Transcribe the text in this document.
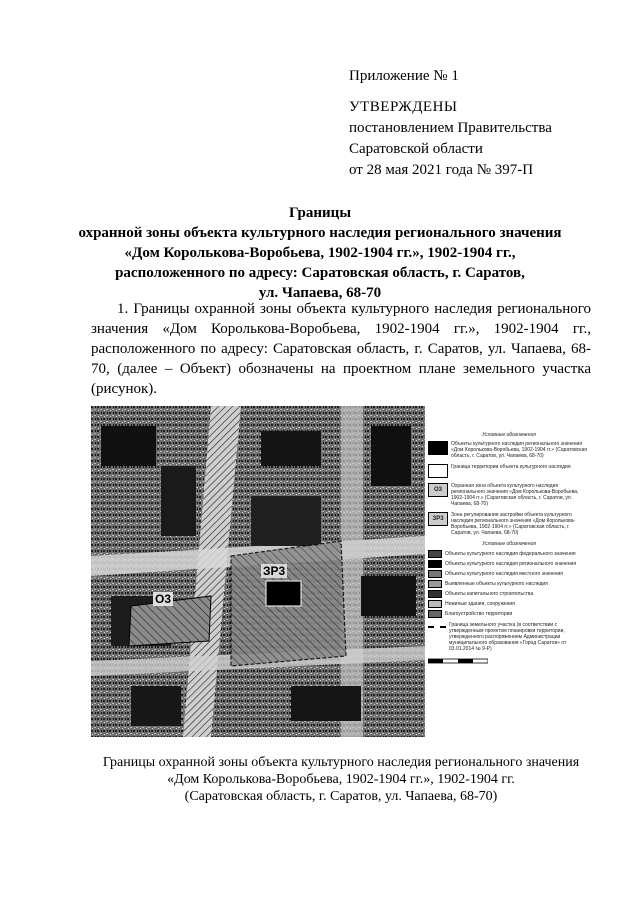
Приложение № 1
УТВЕРЖДЕНЫ
постановлением Правительства
Саратовской области
от 28 мая 2021 года № 397-П
Границы
охранной зоны объекта культурного наследия регионального значения
«Дом Королькова-Воробьева, 1902-1904 гг.», 1902-1904 гг.,
расположенного по адресу: Саратовская область, г. Саратов,
ул. Чапаева, 68-70
1. Границы охранной зоны объекта культурного наследия регионального значения «Дом Королькова-Воробьева, 1902-1904 гг.», 1902-1904 гг., расположенного по адресу: Саратовская область, г. Саратов, ул. Чапаева, 68-70, (далее – Объект) обозначены на проектном плане земельного участка (рисунок).
О3
ЗР3
Условные обозначения
Объекты культурного наследия регионального значения «Дом Королькова-Воробьева, 1902-1904 гг.» (Саратовская область, г. Саратов, ул. Чапаева, 68-70)
Граница территории объекта культурного наследия
О3
Охранная зона объекта культурного наследия регионального значения «Дом Королькова-Воробьева, 1902-1904 гг.» (Саратовская область, г. Саратов, ул. Чапаева, 68-70)
ЗР3
Зона регулирования застройки объекта культурного наследия регионального значения «Дом Королькова-Воробьева, 1902-1904 гг.» (Саратовская область, г. Саратов, ул. Чапаева, 68-70)
Условные обозначения
Объекты культурного наследия федерального значения
Объекты культурного наследия регионального значения
Объекты культурного наследия местного значения
Выявленные объекты культурного наследия
Объекты капитального строительства
Нежилые здания, сооружения
Благоустройство территории
Граница земельного участка (в соответствии с утвержденным проектом планировки территории, утвержденного распоряжением Администрации муниципального образования «Город Саратов» от 03.01.2014 № 9-Р)
Границы охранной зоны объекта культурного наследия регионального значения
«Дом Королькова-Воробьева, 1902-1904 гг.», 1902-1904 гг.
(Саратовская область, г. Саратов, ул. Чапаева, 68-70)
